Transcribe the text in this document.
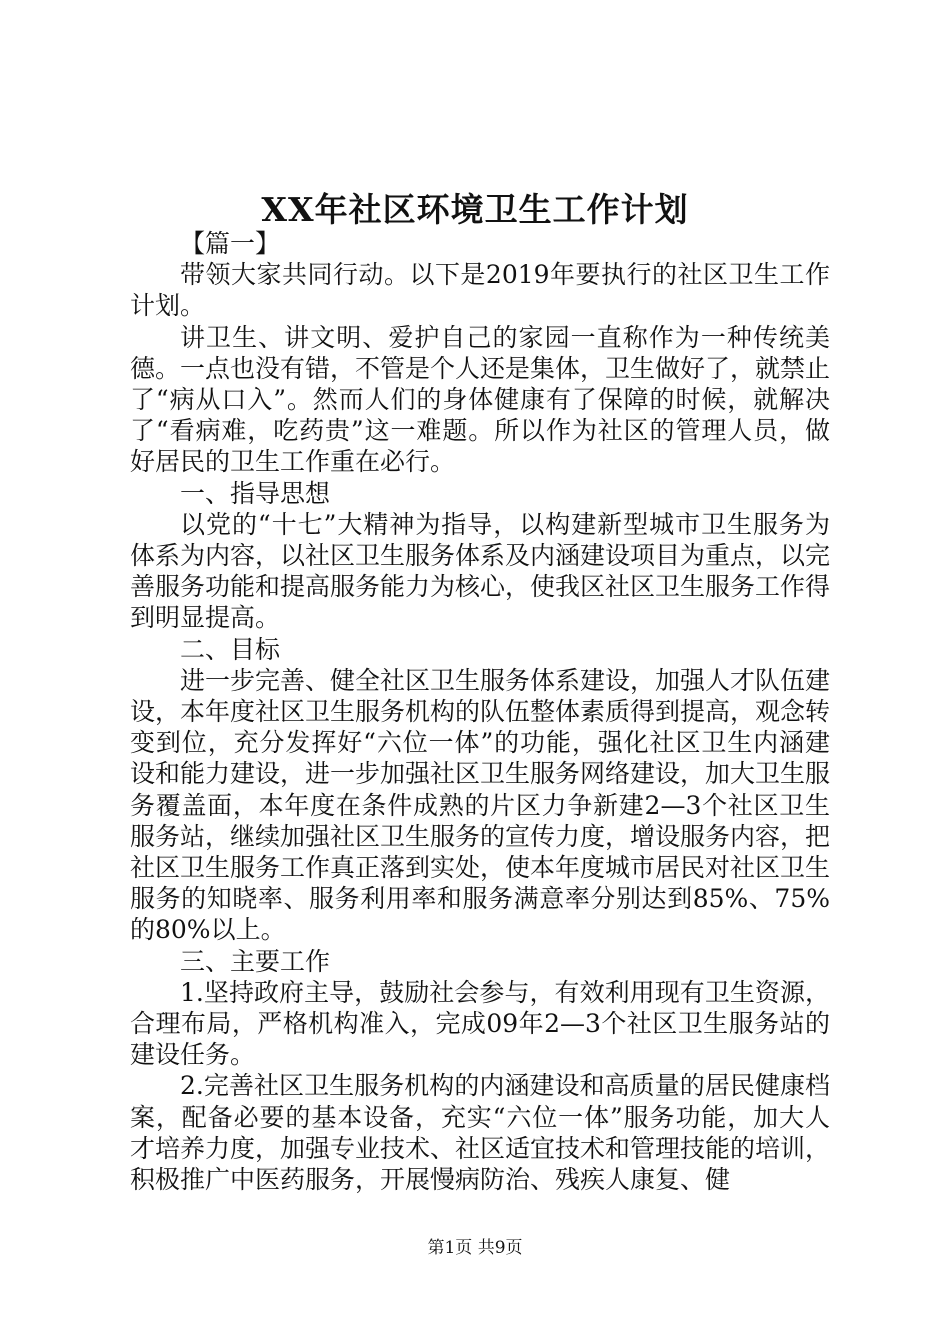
XX年社区环境卫生工作计划

【篇一】

带领大家共同行动。以下是2019年要执行的社区卫生工作计划。

讲卫生、讲文明、爱护自己的家园一直称作为一种传统美德。一点也没有错，不管是个人还是集体，卫生做好了，就禁止了“病从口入”。然而人们的身体健康有了保障的时候，就解决了“看病难，吃药贵”这一难题。所以作为社区的管理人员，做好居民的卫生工作重在必行。

一、指导思想

以党的“十七”大精神为指导，以构建新型城市卫生服务为体系为内容，以社区卫生服务体系及内涵建设项目为重点，以完善服务功能和提高服务能力为核心，使我区社区卫生服务工作得到明显提高。

二、目标

进一步完善、健全社区卫生服务体系建设，加强人才队伍建设，本年度社区卫生服务机构的队伍整体素质得到提高，观念转变到位，充分发挥好“六位一体”的功能，强化社区卫生内涵建设和能力建设，进一步加强社区卫生服务网络建设，加大卫生服务覆盖面，本年度在条件成熟的片区力争新建2—3个社区卫生服务站，继续加强社区卫生服务的宣传力度，增设服务内容，把社区卫生服务工作真正落到实处，使本年度城市居民对社区卫生服务的知晓率、服务利用率和服务满意率分别达到85%、75%的80%以上。

三、主要工作

1.坚持政府主导，鼓励社会参与，有效利用现有卫生资源，合理布局，严格机构准入，完成09年2—3个社区卫生服务站的建设任务。

2.完善社区卫生服务机构的内涵建设和高质量的居民健康档案，配备必要的基本设备，充实“六位一体”服务功能，加大人才培养力度，加强专业技术、社区适宜技术和管理技能的培训，积极推广中医药服务，开展慢病防治、残疾人康复、健

第1页 共9页
